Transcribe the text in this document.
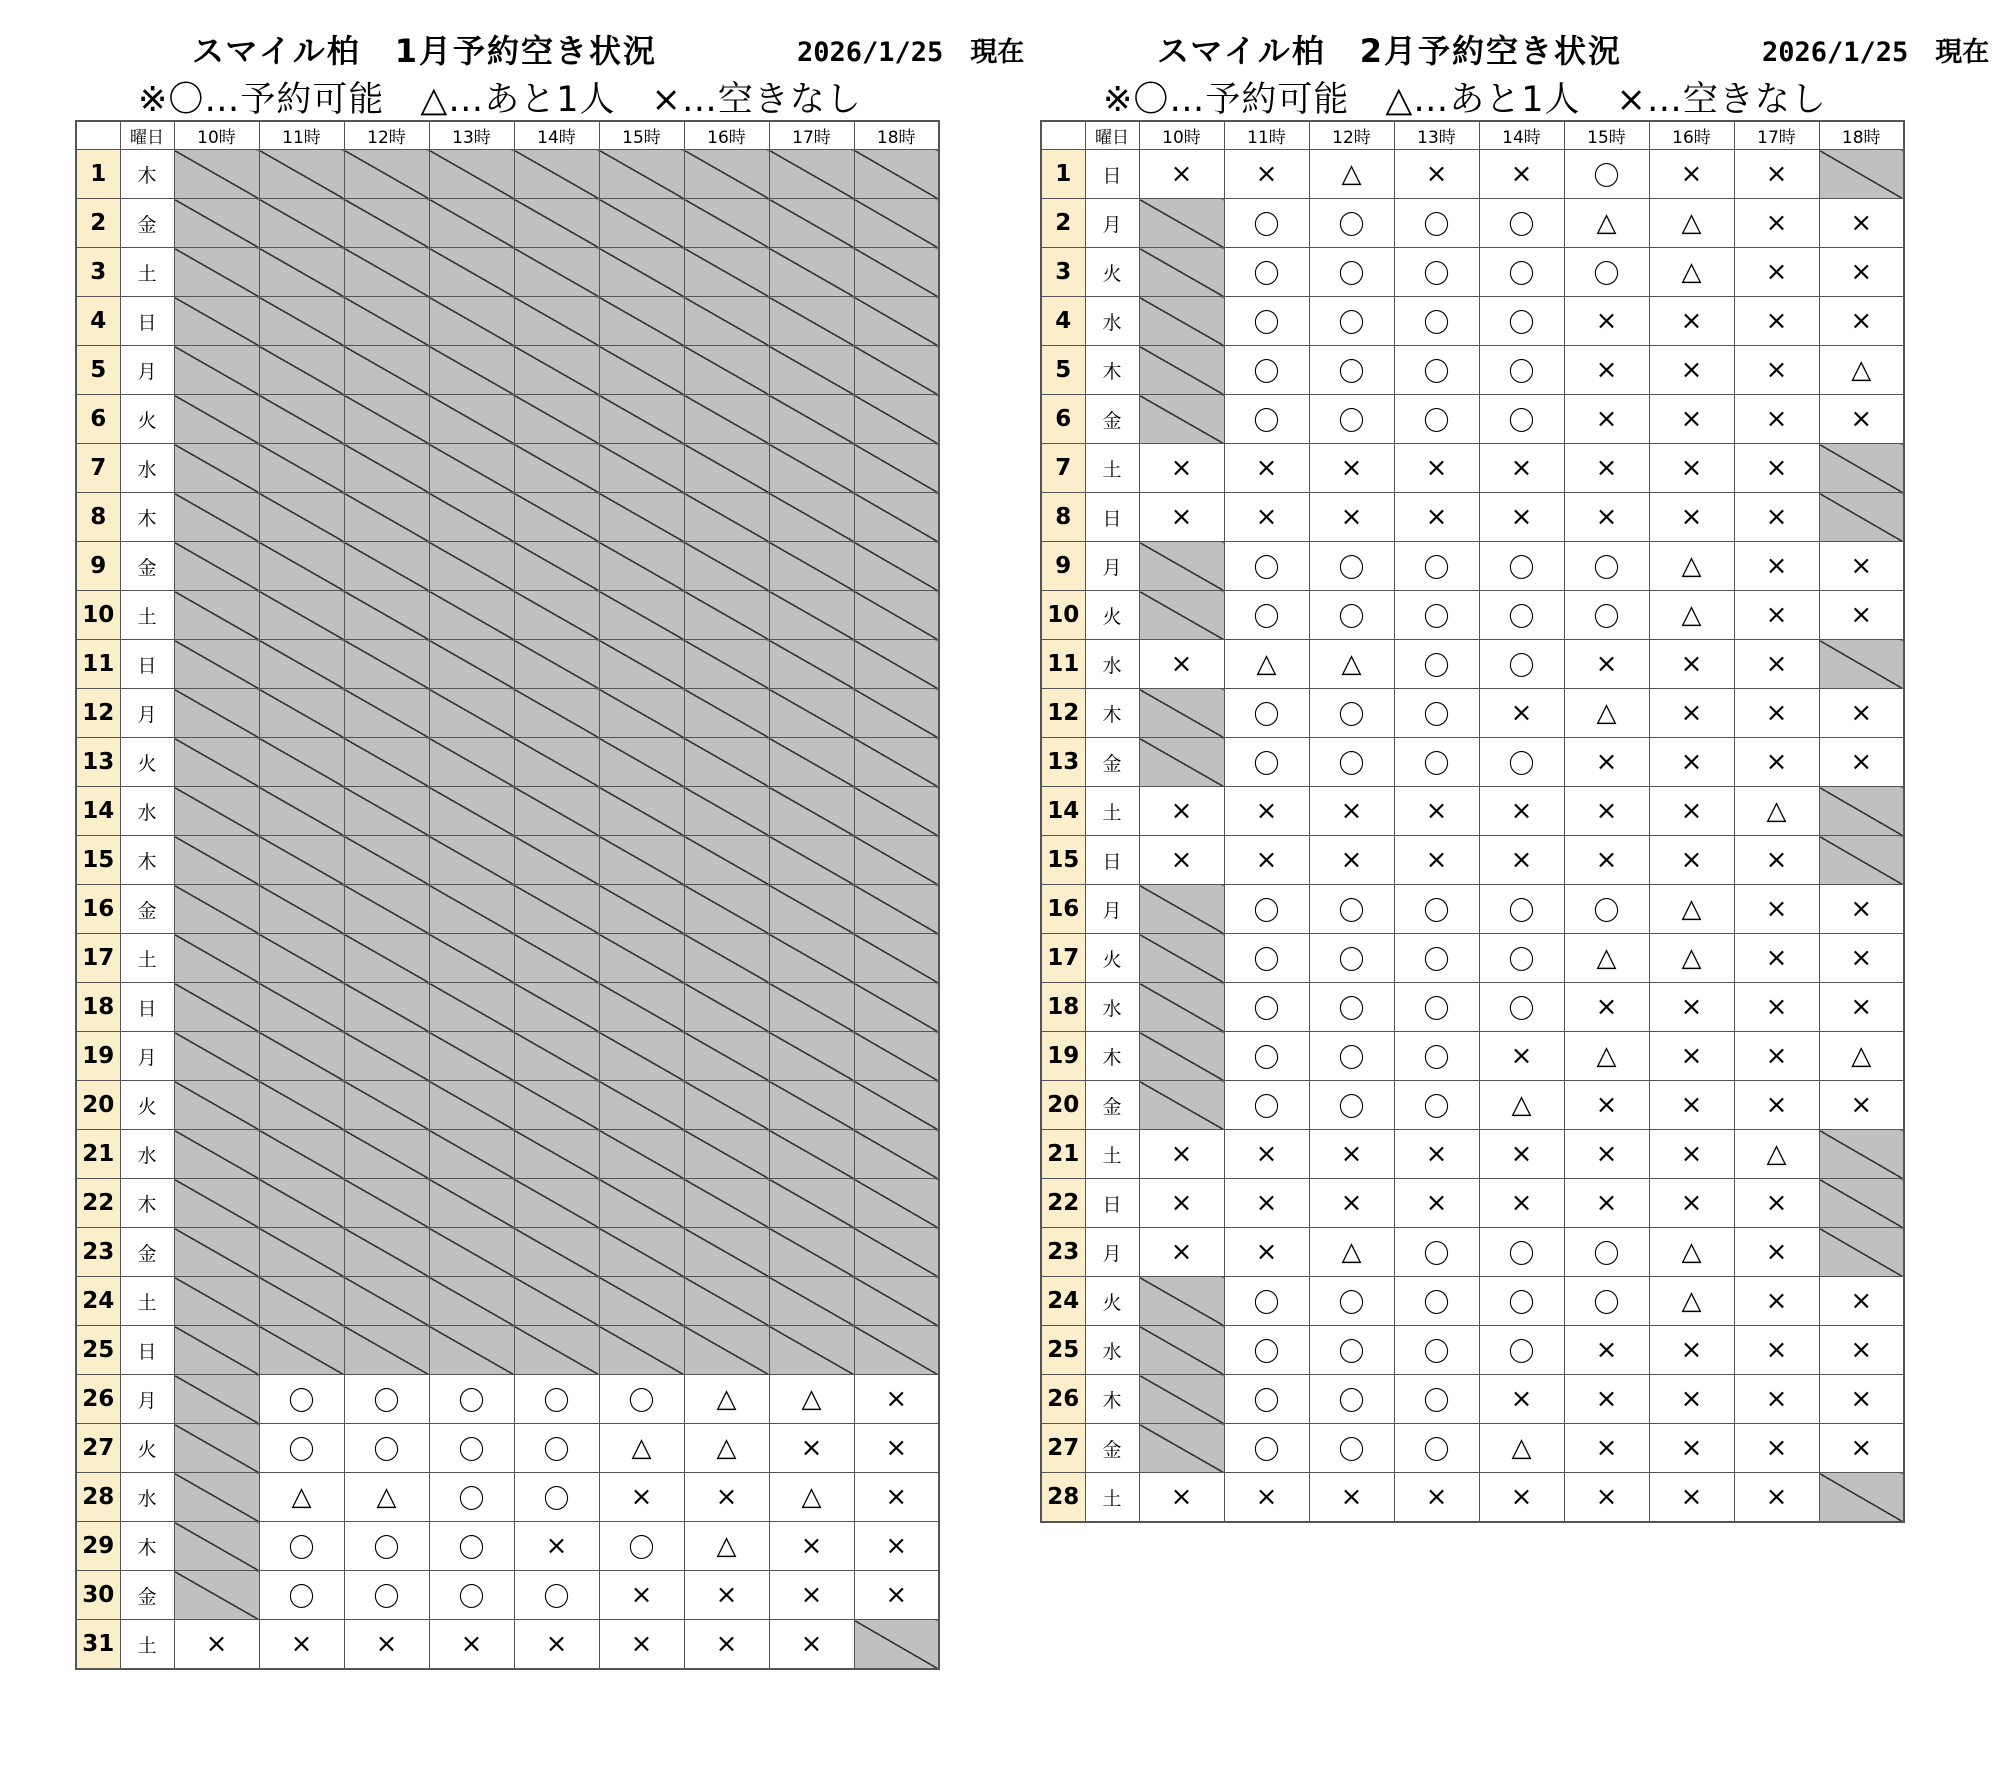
スマイル柏　1月予約空き状況	2026/1/25　現在
※〇…予約可能　△…あと1人　×…空きなし
	曜日	10時	11時	12時	13時	14時	15時	16時	17時	18時
1	木									
2	金									
3	土									
4	日									
5	月									
6	火									
7	水									
8	木									
9	金									
10	土									
11	日									
12	月									
13	火									
14	水									
15	木									
16	金									
17	土									
18	日									
19	月									
20	火									
21	水									
22	木									
23	金									
24	土									
25	日									
26	月		〇	〇	〇	〇	〇	△	△	×
27	火		〇	〇	〇	〇	△	△	×	×
28	水		△	△	〇	〇	×	×	△	×
29	木		〇	〇	〇	×	〇	△	×	×
30	金		〇	〇	〇	〇	×	×	×	×
31	土	×	×	×	×	×	×	×	×	
スマイル柏　2月予約空き状況	2026/1/25　現在
※〇…予約可能　△…あと1人　×…空きなし
	曜日	10時	11時	12時	13時	14時	15時	16時	17時	18時
1	日	×	×	△	×	×	〇	×	×	
2	月		〇	〇	〇	〇	△	△	×	×
3	火		〇	〇	〇	〇	〇	△	×	×
4	水		〇	〇	〇	〇	×	×	×	×
5	木		〇	〇	〇	〇	×	×	×	△
6	金		〇	〇	〇	〇	×	×	×	×
7	土	×	×	×	×	×	×	×	×	
8	日	×	×	×	×	×	×	×	×	
9	月		〇	〇	〇	〇	〇	△	×	×
10	火		〇	〇	〇	〇	〇	△	×	×
11	水	×	△	△	〇	〇	×	×	×	
12	木		〇	〇	〇	×	△	×	×	×
13	金		〇	〇	〇	〇	×	×	×	×
14	土	×	×	×	×	×	×	×	△	
15	日	×	×	×	×	×	×	×	×	
16	月		〇	〇	〇	〇	〇	△	×	×
17	火		〇	〇	〇	〇	△	△	×	×
18	水		〇	〇	〇	〇	×	×	×	×
19	木		〇	〇	〇	×	△	×	×	△
20	金		〇	〇	〇	△	×	×	×	×
21	土	×	×	×	×	×	×	×	△	
22	日	×	×	×	×	×	×	×	×	
23	月	×	×	△	〇	〇	〇	△	×	
24	火		〇	〇	〇	〇	〇	△	×	×
25	水		〇	〇	〇	〇	×	×	×	×
26	木		〇	〇	〇	×	×	×	×	×
27	金		〇	〇	〇	△	×	×	×	×
28	土	×	×	×	×	×	×	×	×	
